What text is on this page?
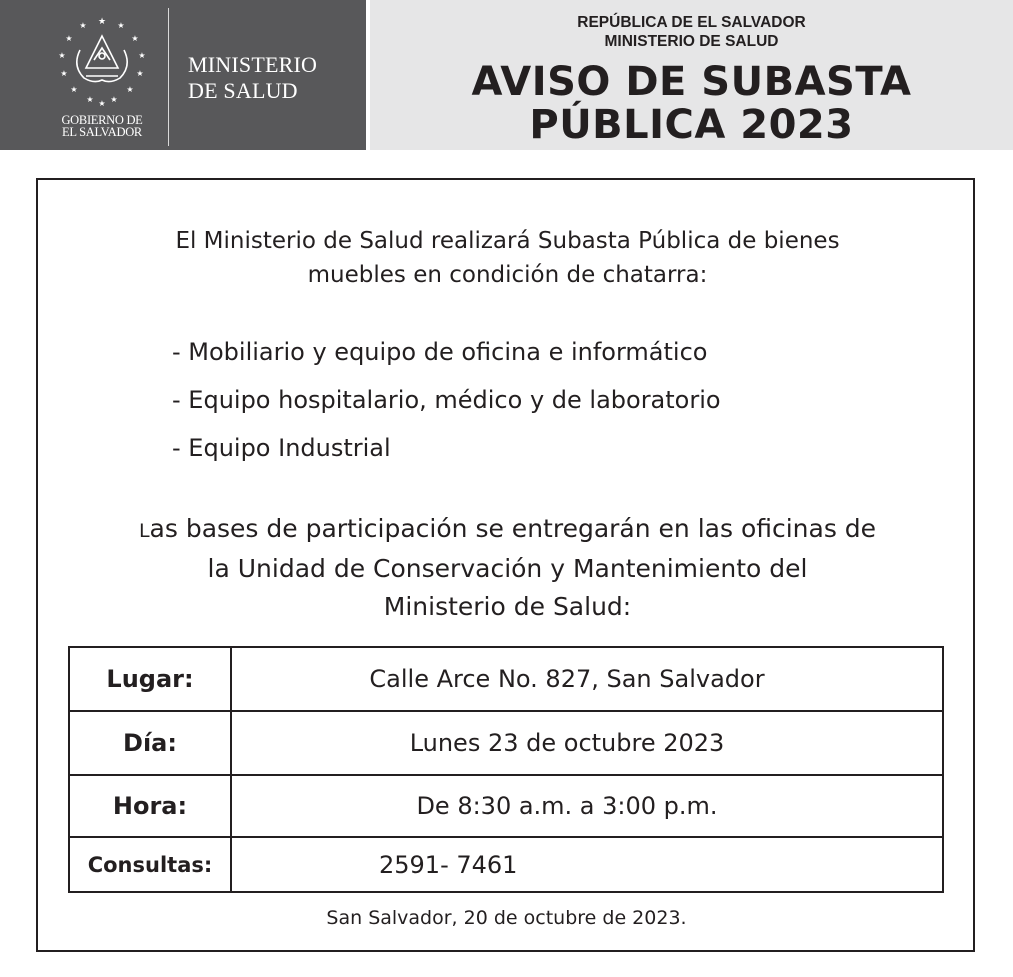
★
★	★
★	★
★	★
★	★
★	★
★ ★
★
GOBIERNO DE
EL SALVADOR
MINISTERIO
DE SALUD
REPÚBLICA DE EL SALVADOR
MINISTERIO DE SALUD
AVISO DE SUBASTA
PÚBLICA 2023
El Ministerio de Salud realizará Subasta Pública de bienes
muebles en condición de chatarra:
- Mobiliario y equipo de oficina e informático
- Equipo hospitalario, médico y de laboratorio
- Equipo Industrial
Las bases de participación se entregarán en las oficinas de
la Unidad de Conservación y Mantenimiento del
Ministerio de Salud:
Lugar:	Calle Arce No. 827, San Salvador
Día:	Lunes 23 de octubre 2023
Hora:	De 8:30 a.m. a 3:00 p.m.
Consultas:	2591- 7461
San Salvador, 20 de octubre de 2023.
